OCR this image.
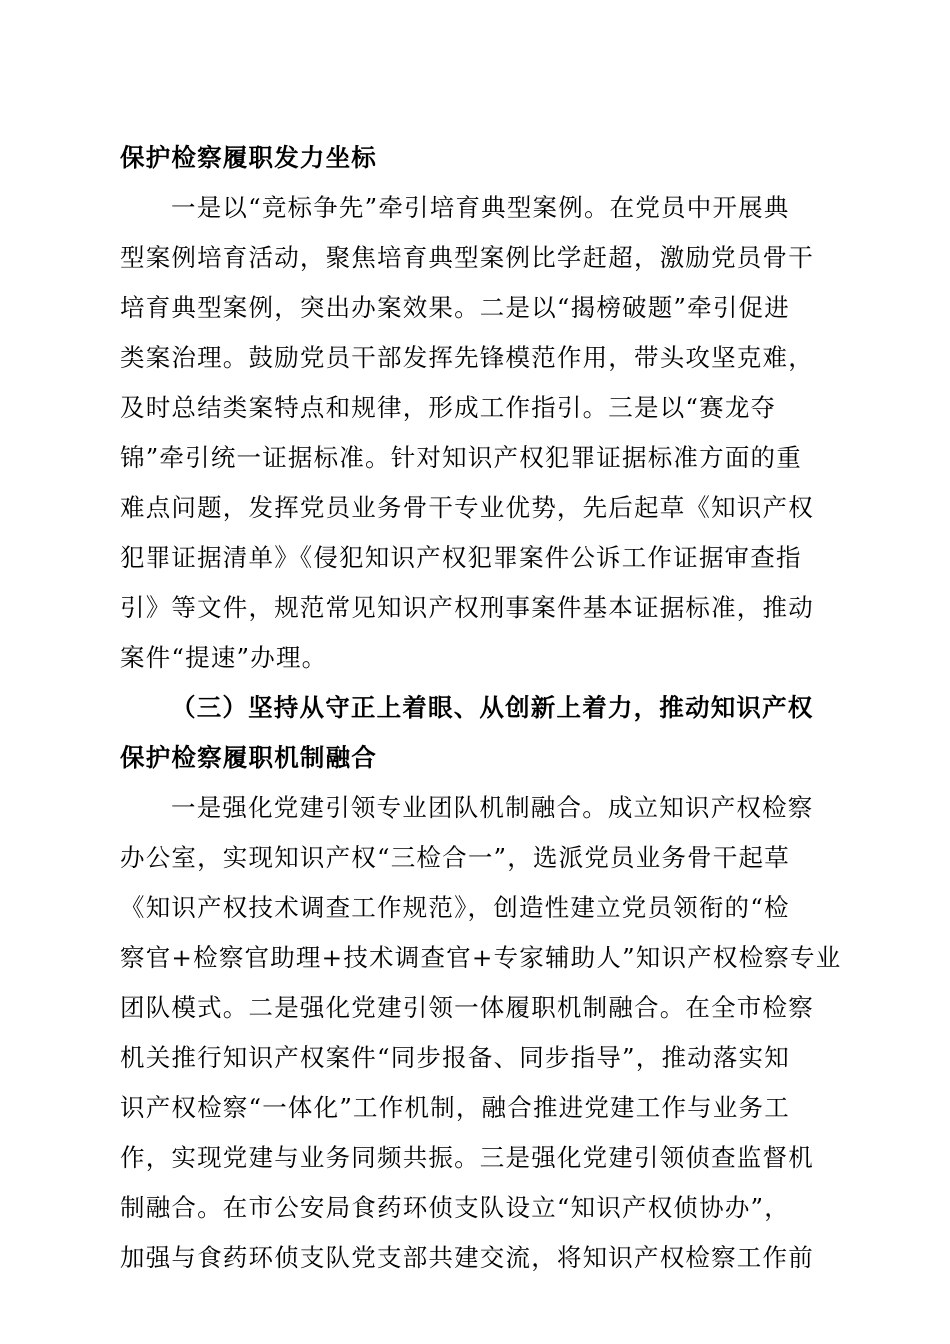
保护检察履职发力坐标
一是以“竞标争先”牵引培育典型案例。在党员中开展典
型案例培育活动，聚焦培育典型案例比学赶超，激励党员骨干
培育典型案例，突出办案效果。二是以“揭榜破题”牵引促进
类案治理。鼓励党员干部发挥先锋模范作用，带头攻坚克难，
及时总结类案特点和规律，形成工作指引。三是以“赛龙夺
锦”牵引统一证据标准。针对知识产权犯罪证据标准方面的重
难点问题，发挥党员业务骨干专业优势，先后起草《知识产权
犯罪证据清单》《侵犯知识产权犯罪案件公诉工作证据审查指
引》等文件，规范常见知识产权刑事案件基本证据标准，推动
案件“提速”办理。
（三）坚持从守正上着眼、从创新上着力，推动知识产权
保护检察履职机制融合
一是强化党建引领专业团队机制融合。成立知识产权检察
办公室，实现知识产权“三检合一”，选派党员业务骨干起草
《知识产权技术调查工作规范》，创造性建立党员领衔的“检
察官+检察官助理+技术调查官+专家辅助人”知识产权检察专业
团队模式。二是强化党建引领一体履职机制融合。在全市检察
机关推行知识产权案件“同步报备、同步指导”，推动落实知
识产权检察“一体化”工作机制，融合推进党建工作与业务工
作，实现党建与业务同频共振。三是强化党建引领侦查监督机
制融合。在市公安局食药环侦支队设立“知识产权侦协办”，
加强与食药环侦支队党支部共建交流，将知识产权检察工作前
